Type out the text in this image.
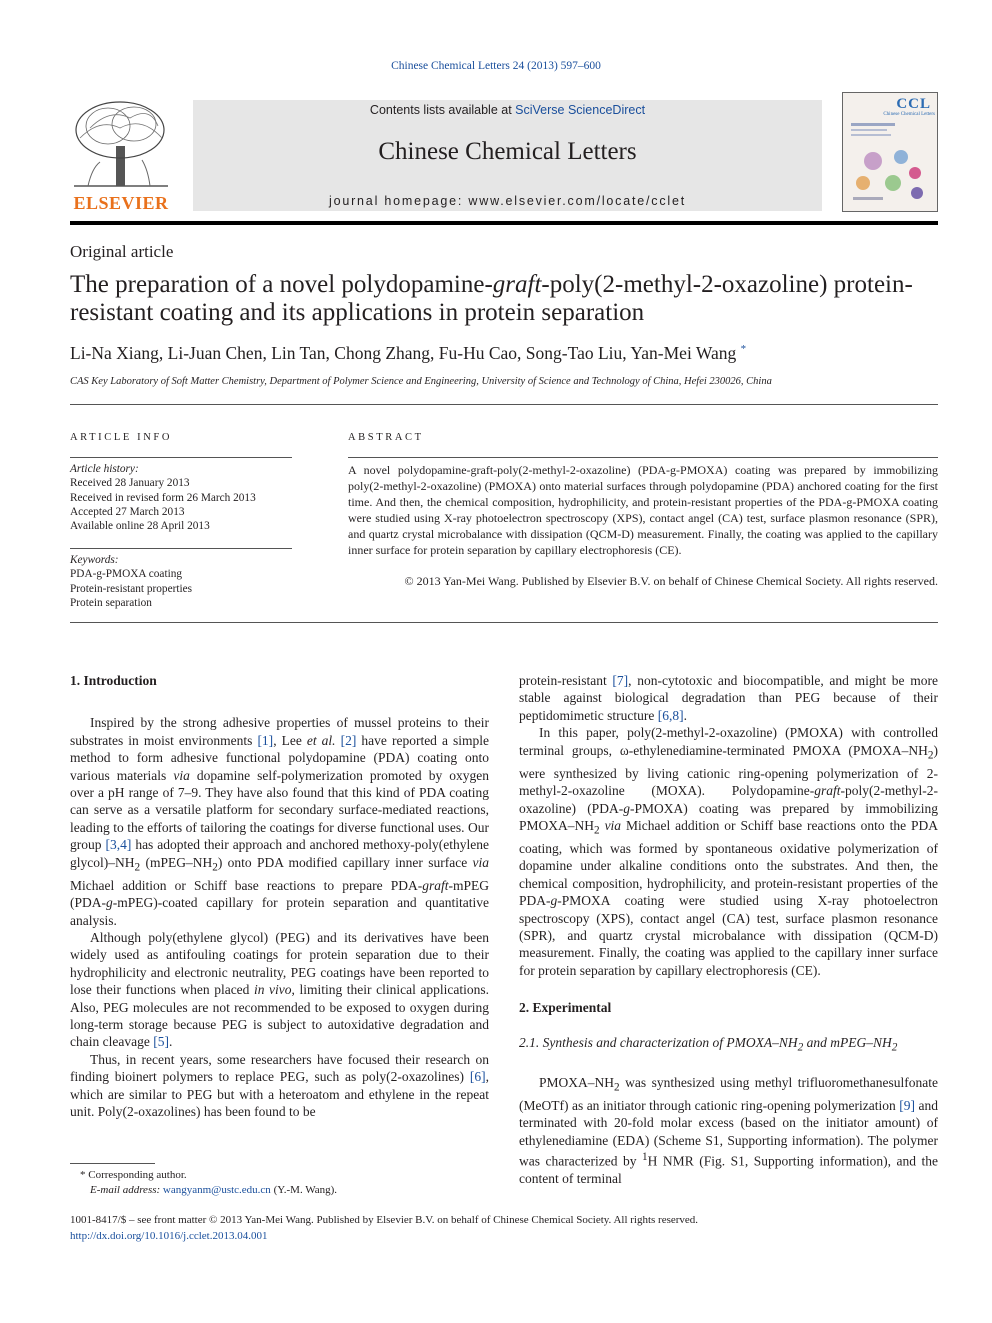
Chinese Chemical Letters 24 (2013) 597–600
ELSEVIER
Contents lists available at SciVerse ScienceDirect
Chinese Chemical Letters
journal homepage: www.elsevier.com/locate/cclet
CCL
Chinese Chemical Letters
Original article
The preparation of a novel polydopamine-graft-poly(2-methyl-2-oxazoline) protein-resistant coating and its applications in protein separation
Li-Na Xiang, Li-Juan Chen, Lin Tan, Chong Zhang, Fu-Hu Cao, Song-Tao Liu, Yan-Mei Wang *
CAS Key Laboratory of Soft Matter Chemistry, Department of Polymer Science and Engineering, University of Science and Technology of China, Hefei 230026, China
ARTICLE INFO
Article history:
Received 28 January 2013
Received in revised form 26 March 2013
Accepted 27 March 2013
Available online 28 April 2013
Keywords:
PDA-g-PMOXA coating
Protein-resistant properties
Protein separation
ABSTRACT
A novel polydopamine-graft-poly(2-methyl-2-oxazoline) (PDA-g-PMOXA) coating was prepared by immobilizing poly(2-methyl-2-oxazoline) (PMOXA) onto material surfaces through polydopamine (PDA) anchored coating for the first time. And then, the chemical composition, hydrophilicity, and protein-resistant properties of the PDA-g-PMOXA coating were studied using X-ray photoelectron spectroscopy (XPS), contact angel (CA) test, surface plasmon resonance (SPR), and quartz crystal microbalance with dissipation (QCM-D) measurement. Finally, the coating was applied to the capillary inner surface for protein separation by capillary electrophoresis (CE).
© 2013 Yan-Mei Wang. Published by Elsevier B.V. on behalf of Chinese Chemical Society. All rights reserved.
1. Introduction

Inspired by the strong adhesive properties of mussel proteins to their substrates in moist environments [1], Lee et al. [2] have reported a simple method to form adhesive functional polydopamine (PDA) coating onto various materials via dopamine self-polymerization promoted by oxygen over a pH range of 7–9. They have also found that this kind of PDA coating can serve as a versatile platform for secondary surface-mediated reactions, leading to the efforts of tailoring the coatings for diverse functional uses. Our group [3,4] has adopted their approach and anchored methoxy-poly(ethylene $glycol)-NH_2$ $(mPEG-NH_2)$ onto PDA modified capillary inner surface via Michael addition or Schiff base reactions to prepare PDA-graft-mPEG (PDA-g-mPEG)-coated capillary for protein separation and quantitative analysis.

Although poly(ethylene glycol) (PEG) and its derivatives have been widely used as antifouling coatings for protein separation due to their hydrophilicity and electronic neutrality, PEG coatings have been reported to lose their functions when placed in vivo, limiting their clinical applications. Also, PEG molecules are not recommended to be exposed to oxygen during long-term storage because PEG is subject to autoxidative degradation and chain cleavage [5].

Thus, in recent years, some researchers have focused their research on finding bioinert polymers to replace PEG, such as poly(2-oxazolines) [6], which are similar to PEG but with a heteroatom and ethylene in the repeat unit. Poly(2-oxazolines) has been found to be

protein-resistant [7], non-cytotoxic and biocompatible, and might be more stable against biological degradation than PEG because of their peptidomimetic structure [6,8].

In this paper, poly(2-methyl-2-oxazoline) (PMOXA) with controlled terminal groups, ω-ethylenediamine-terminated PMOXA $(PMOXA-NH_2)$ were synthesized by living cationic ring-opening polymerization of 2-methyl-2-oxazoline (MOXA). Polydopamine-graft-poly(2-methyl-2-oxazoline) (PDA-g-PMOXA) coating was prepared by immobilizing PMOXA–$NH_2$ via Michael addition or Schiff base reactions onto the PDA coating, which was formed by spontaneous oxidative polymerization of dopamine under alkaline conditions onto the substrates. And then, the chemical composition, hydrophilicity, and protein-resistant properties of the PDA-g-PMOXA coating were studied using X-ray photoelectron spectroscopy (XPS), contact angel (CA) test, surface plasmon resonance (SPR), and quartz crystal microbalance with dissipation (QCM-D) measurement. Finally, the coating was applied to the capillary inner surface for protein separation by capillary electrophoresis (CE).

2. Experimental
2.1. Synthesis and characterization of PMOXA–$NH_2$ and mPEG–$NH_2$

PMOXA–$NH_2$ was synthesized using methyl trifluoromethanesulfonate (MeOTf) as an initiator through cationic ring-opening polymerization [9] and terminated with 20-fold molar excess (based on the initiator amount) of ethylenediamine (EDA) (Scheme S1, Supporting information). The polymer was characterized by $^1$H NMR (Fig. S1, Supporting information), and the content of terminal

* Corresponding author.
E-mail address: wangyanm@ustc.edu.cn (Y.-M. Wang).
1001-8417/$ – see front matter © 2013 Yan-Mei Wang. Published by Elsevier B.V. on behalf of Chinese Chemical Society. All rights reserved.
http://dx.doi.org/10.1016/j.cclet.2013.04.001
